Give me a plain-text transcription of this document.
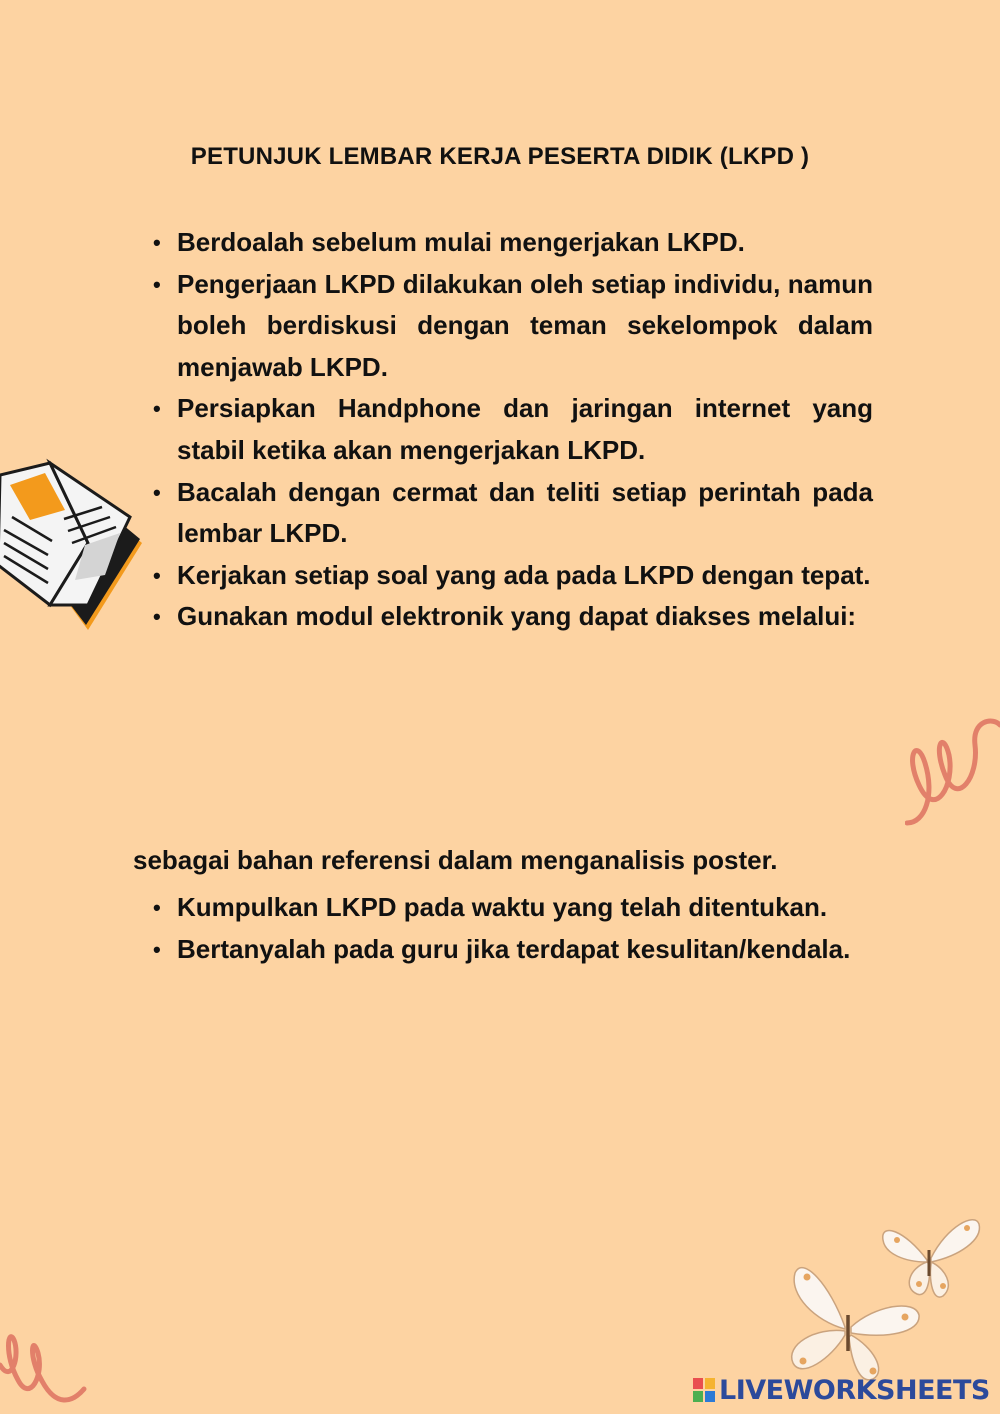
PETUNJUK LEMBAR KERJA PESERTA DIDIK (LKPD )
• Berdoalah sebelum mulai mengerjakan LKPD.
• Pengerjaan LKPD dilakukan oleh setiap individu, namun boleh berdiskusi dengan teman sekelompok dalam menjawab LKPD.
• Persiapkan Handphone dan jaringan internet yang stabil ketika akan mengerjakan LKPD.
• Bacalah dengan cermat dan teliti setiap perintah pada lembar LKPD.
• Kerjakan setiap soal yang ada pada LKPD dengan tepat.
• Gunakan modul elektronik yang dapat diakses melalui:
sebagai bahan referensi dalam menganalisis poster.
• Kumpulkan LKPD pada waktu yang telah ditentukan.
• Bertanyalah pada guru jika terdapat kesulitan/kendala.
LIVEWORKSHEETS
